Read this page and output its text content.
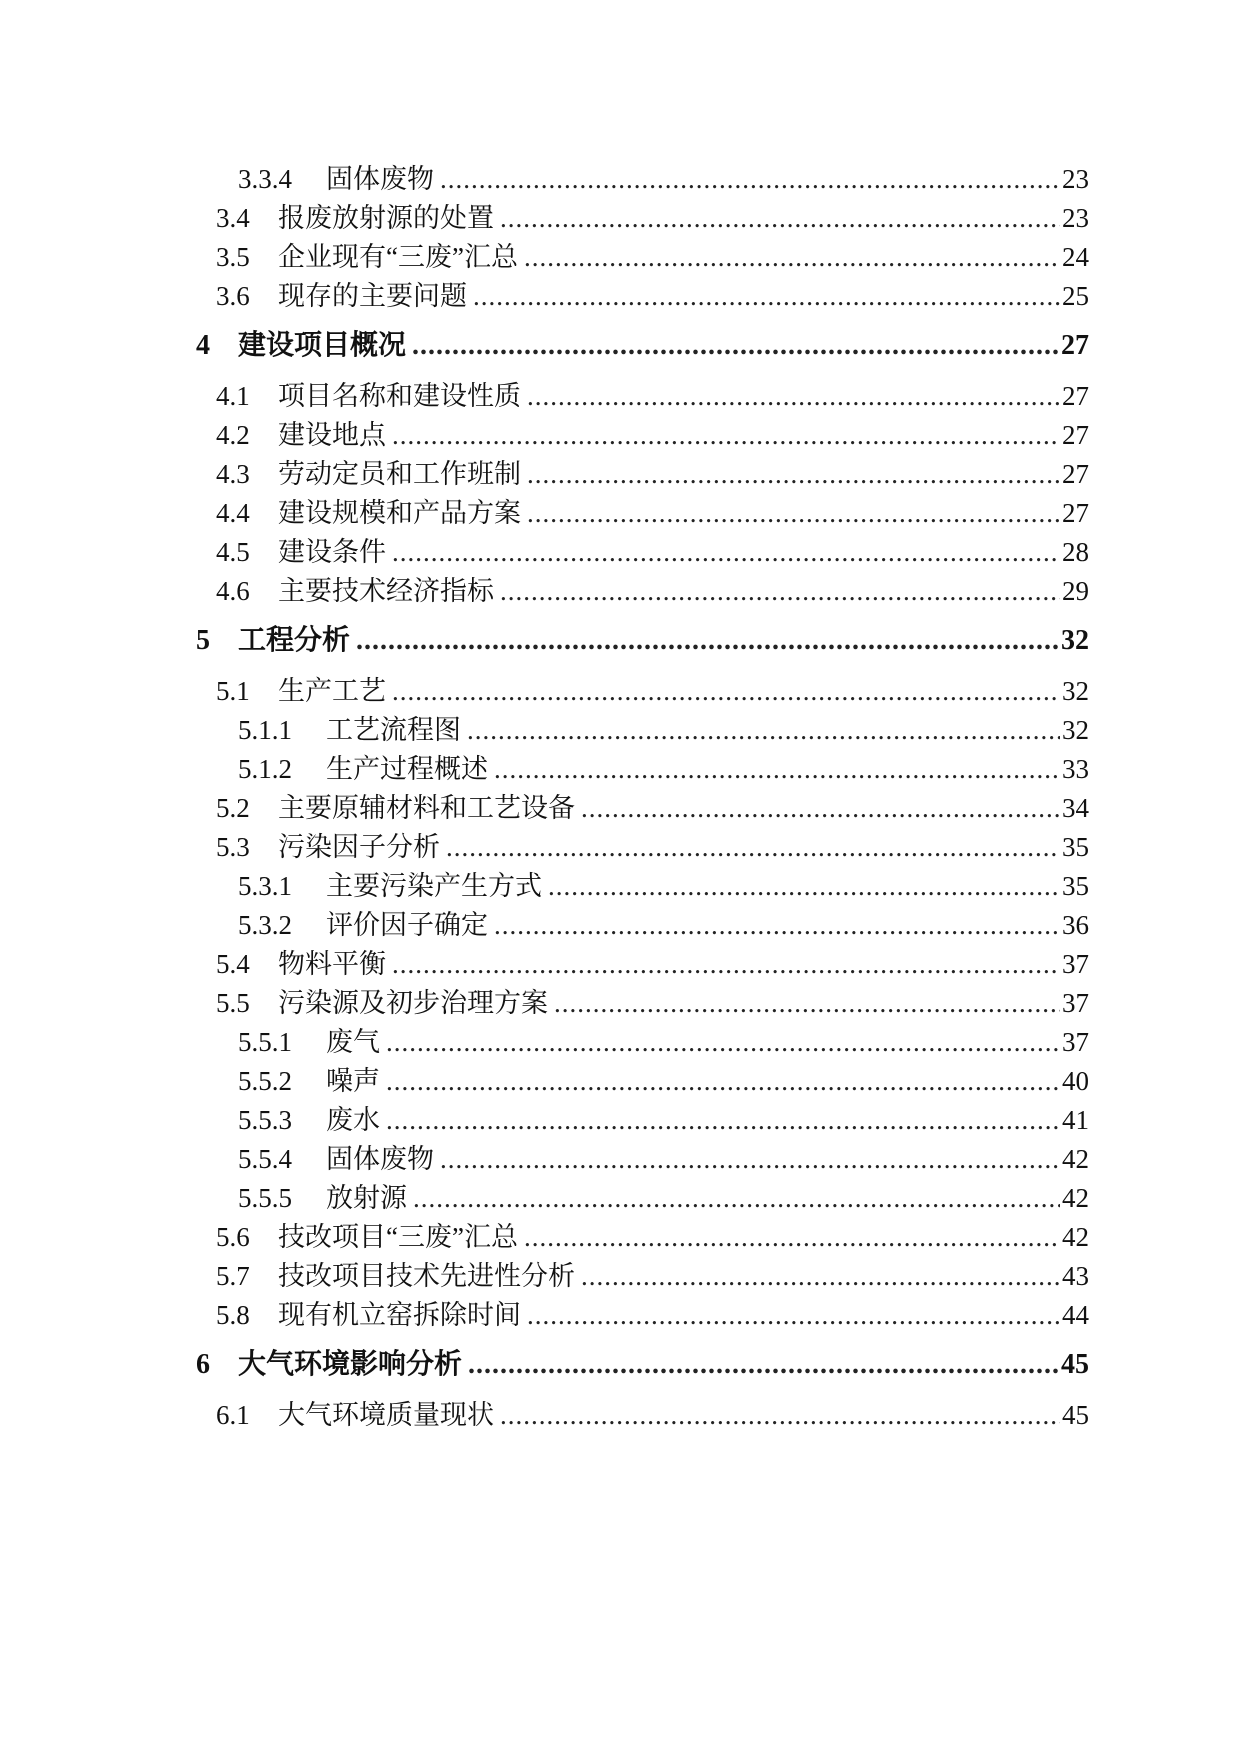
3.3.4	固体废物 .....	23
3.4	报废放射源的处置 .....	23
3.5	企业现有“三废”汇总 .....	24
3.6	现存的主要问题 .....	25
4	建设项目概况 .....	27
4.1	项目名称和建设性质 .....	27
4.2	建设地点 .....	27
4.3	劳动定员和工作班制 .....	27
4.4	建设规模和产品方案 .....	27
4.5	建设条件 .....	28
4.6	主要技术经济指标 .....	29
5	工程分析 .....	32
5.1	生产工艺 .....	32
5.1.1	工艺流程图 .....	32
5.1.2	生产过程概述 .....	33
5.2	主要原辅材料和工艺设备 .....	34
5.3	污染因子分析 .....	35
5.3.1	主要污染产生方式 .....	35
5.3.2	评价因子确定 .....	36
5.4	物料平衡 .....	37
5.5	污染源及初步治理方案 .....	37
5.5.1	废气 .....	37
5.5.2	噪声 .....	40
5.5.3	废水 .....	41
5.5.4	固体废物 .....	42
5.5.5	放射源 .....	42
5.6	技改项目“三废”汇总 .....	42
5.7	技改项目技术先进性分析 .....	43
5.8	现有机立窑拆除时间 .....	44
6	大气环境影响分析 .....	45
6.1	大气环境质量现状 .....	45
